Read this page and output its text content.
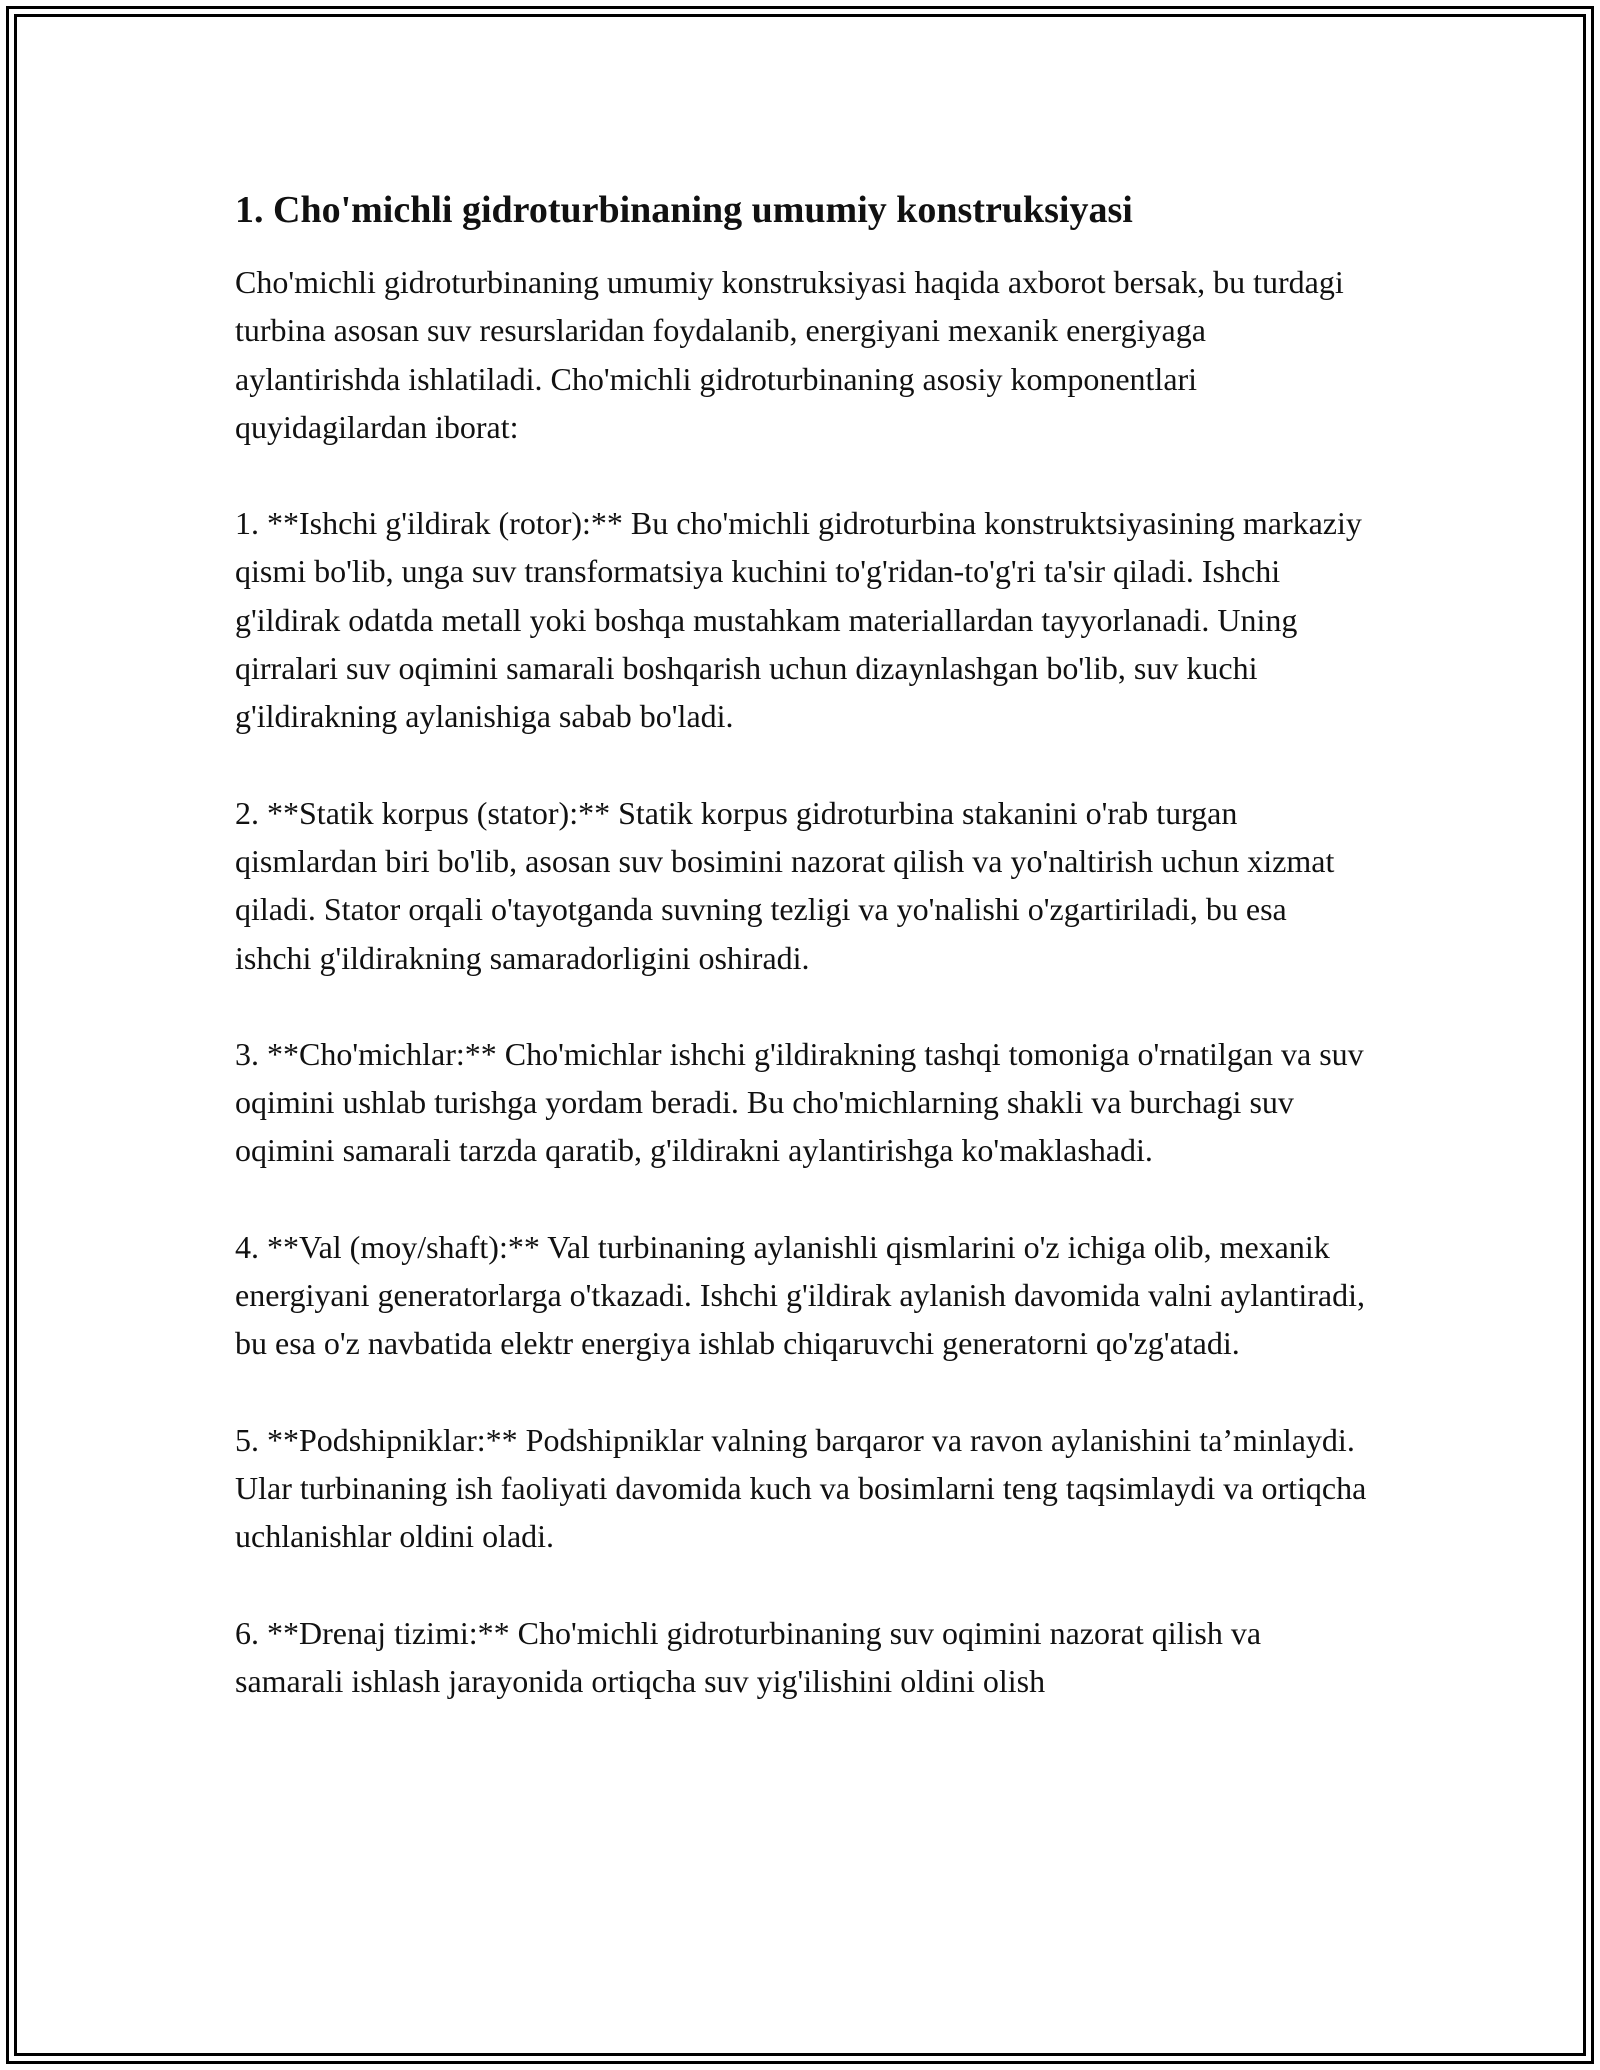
1. Cho'michli gidroturbinaning umumiy konstruksiyasi

Cho'michli gidroturbinaning umumiy konstruksiyasi haqida axborot bersak, bu turdagi turbina asosan suv resurslaridan foydalanib, energiyani mexanik energiyaga aylantirishda ishlatiladi. Cho'michli gidroturbinaning asosiy komponentlari quyidagilardan iborat:

1. **Ishchi g'ildirak (rotor):** Bu cho'michli gidroturbina konstruktsiyasining markaziy qismi bo'lib, unga suv transformatsiya kuchini to'g'ridan-to'g'ri ta'sir qiladi. Ishchi g'ildirak odatda metall yoki boshqa mustahkam materiallardan tayyorlanadi. Uning qirralari suv oqimini samarali boshqarish uchun dizaynlashgan bo'lib, suv kuchi g'ildirakning aylanishiga sabab bo'ladi.

2. **Statik korpus (stator):** Statik korpus gidroturbina stakanini o'rab turgan qismlardan biri bo'lib, asosan suv bosimini nazorat qilish va yo'naltirish uchun xizmat qiladi. Stator orqali o'tayotganda suvning tezligi va yo'nalishi o'zgartiriladi, bu esa ishchi g'ildirakning samaradorligini oshiradi.

3. **Cho'michlar:** Cho'michlar ishchi g'ildirakning tashqi tomoniga o'rnatilgan va suv oqimini ushlab turishga yordam beradi. Bu cho'michlarning shakli va burchagi suv oqimini samarali tarzda qaratib, g'ildirakni aylantirishga ko'maklashadi.

4. **Val (moy/shaft):** Val turbinaning aylanishli qismlarini o'z ichiga olib, mexanik energiyani generatorlarga o'tkazadi. Ishchi g'ildirak aylanish davomida valni aylantiradi, bu esa o'z navbatida elektr energiya ishlab chiqaruvchi generatorni qo'zg'atadi.

5. **Podshipniklar:** Podshipniklar valning barqaror va ravon aylanishini ta’minlaydi. Ular turbinaning ish faoliyati davomida kuch va bosimlarni teng taqsimlaydi va ortiqcha uchlanishlar oldini oladi.

6. **Drenaj tizimi:** Cho'michli gidroturbinaning suv oqimini nazorat qilish va samarali ishlash jarayonida ortiqcha suv yig'ilishini oldini olish
